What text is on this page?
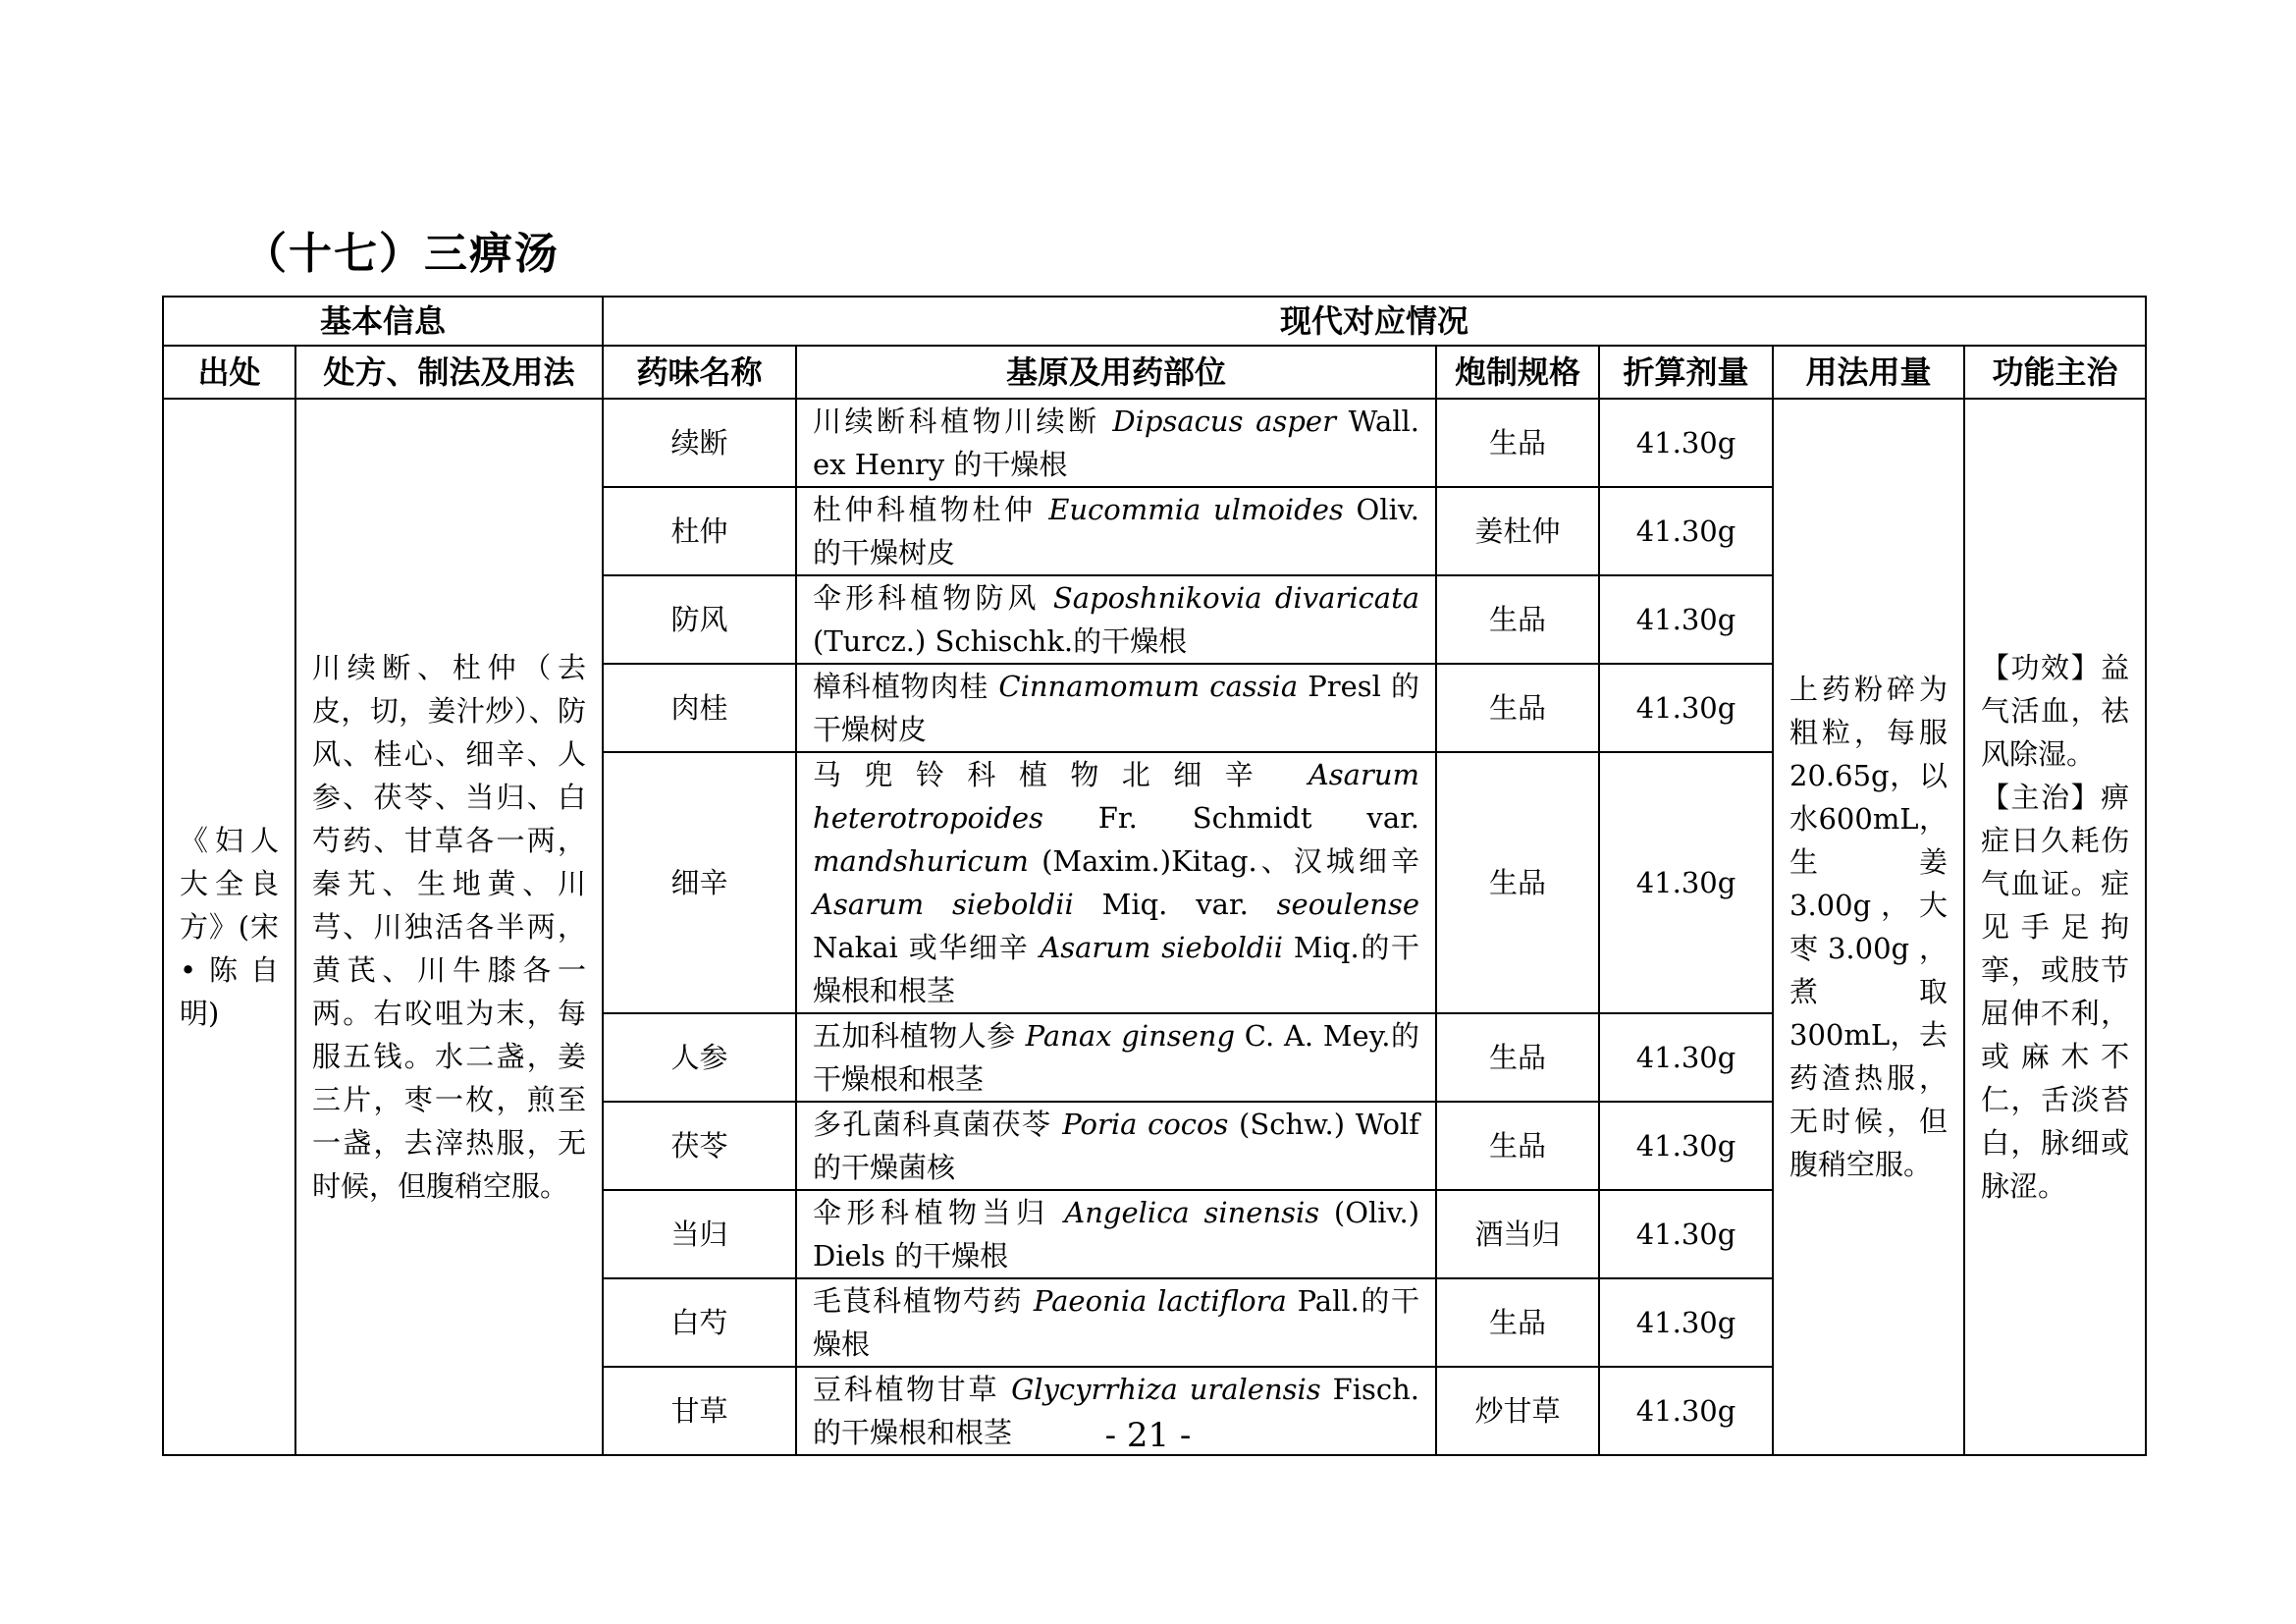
（十七）三痹汤
基本信息		现代对应情况					
出处	处方、制法及用法	药味名称	基原及用药部位	炮制规格	折算剂量	用法用量	功能主治
《妇人大全良方》(宋•陈自明)	川续断、杜仲（去皮，切，姜汁炒）、防风、桂心、细辛、人参、茯苓、当归、白芍药、甘草各一两，秦艽、生地黄、川芎、川独活各半两，黄芪、川牛膝各一两。右㕮咀为末，每服五钱。水二盏，姜三片，枣一枚，煎至一盏，去滓热服，无时候，但腹稍空服。	续断	川续断科植物川续断 Dipsacus asper Wall. ex Henry 的干燥根	生品	41.30g	上药粉碎为粗粒，每服20.65g，以水600mL，生姜3.00g，大枣3.00g，煮取300mL，去药渣热服，无时候，但腹稍空服。	【功效】益气活血，祛风除湿。
【主治】痹症日久耗伤气血证。症见手足拘挛，或肢节屈伸不利，或麻木不仁，舌淡苔白，脉细或脉涩。

		杜仲	杜仲科植物杜仲 Eucommia ulmoides Oliv. 的干燥树皮	姜杜仲	41.30g		
		防风	伞形科植物防风 Saposhnikovia divaricata (Turcz.) Schischk.的干燥根	生品	41.30g		
		肉桂	樟科植物肉桂 Cinnamomum cassia Presl 的干燥树皮	生品	41.30g		
		细辛	马兜铃科植物北细辛 Asarum heterotropoides Fr. Schmidt var. mandshuricum (Maxim.)Kitag.、汉城细辛 Asarum sieboldii Miq. var. seoulense Nakai 或华细辛 Asarum sieboldii Miq.的干燥根和根茎	生品	41.30g		
		人参	五加科植物人参 Panax ginseng C. A. Mey.的干燥根和根茎	生品	41.30g		
		茯苓	多孔菌科真菌茯苓 Poria cocos (Schw.) Wolf 的干燥菌核	生品	41.30g		
		当归	伞形科植物当归 Angelica sinensis (Oliv.) Diels 的干燥根	酒当归	41.30g		
		白芍	毛茛科植物芍药 Paeonia lactiflora Pall.的干燥根	生品	41.30g		
		甘草	豆科植物甘草 Glycyrrhiza uralensis Fisch.的干燥根和根茎	炒甘草	41.30g		
- 21 -
